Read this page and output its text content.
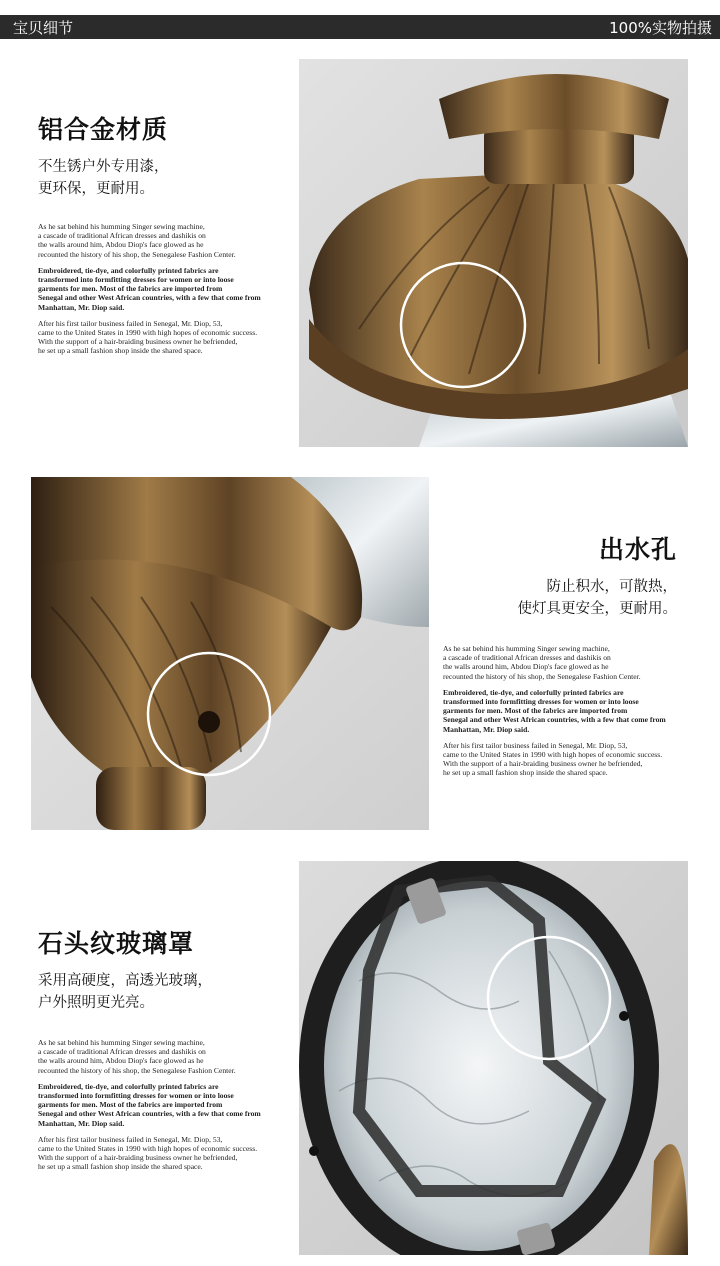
宝贝细节	100%实物拍摄
铝合金材质
不生锈户外专用漆，
更环保，更耐用。

As he sat behind his humming Singer sewing machine,
a cascade of traditional African dresses and dashikis on
the walls around him, Abdou Diop's face glowed as he
recounted the history of his shop, the Senegalese Fashion Center.

Embroidered, tie-dye, and colorfully printed fabrics are
transformed into formfitting dresses for women or into loose
garments for men. Most of the fabrics are imported from
Senegal and other West African countries, with a few that come from
Manhattan, Mr. Diop said.

After his first tailor business failed in Senegal, Mr. Diop, 53,
came to the United States in 1990 with high hopes of economic success.
With the support of a hair-braiding business owner he befriended,
he set up a small fashion shop inside the shared space.

出水孔
防止积水，可散热，
使灯具更安全，更耐用。

As he sat behind his humming Singer sewing machine,
a cascade of traditional African dresses and dashikis on
the walls around him, Abdou Diop's face glowed as he
recounted the history of his shop, the Senegalese Fashion Center.

Embroidered, tie-dye, and colorfully printed fabrics are
transformed into formfitting dresses for women or into loose
garments for men. Most of the fabrics are imported from
Senegal and other West African countries, with a few that come from
Manhattan, Mr. Diop said.

After his first tailor business failed in Senegal, Mr. Diop, 53,
came to the United States in 1990 with high hopes of economic success.
With the support of a hair-braiding business owner he befriended,
he set up a small fashion shop inside the shared space.

石头纹玻璃罩
采用高硬度，高透光玻璃，
户外照明更光亮。

As he sat behind his humming Singer sewing machine,
a cascade of traditional African dresses and dashikis on
the walls around him, Abdou Diop's face glowed as he
recounted the history of his shop, the Senegalese Fashion Center.

Embroidered, tie-dye, and colorfully printed fabrics are
transformed into formfitting dresses for women or into loose
garments for men. Most of the fabrics are imported from
Senegal and other West African countries, with a few that come from
Manhattan, Mr. Diop said.

After his first tailor business failed in Senegal, Mr. Diop, 53,
came to the United States in 1990 with high hopes of economic success.
With the support of a hair-braiding business owner he befriended,
he set up a small fashion shop inside the shared space.
